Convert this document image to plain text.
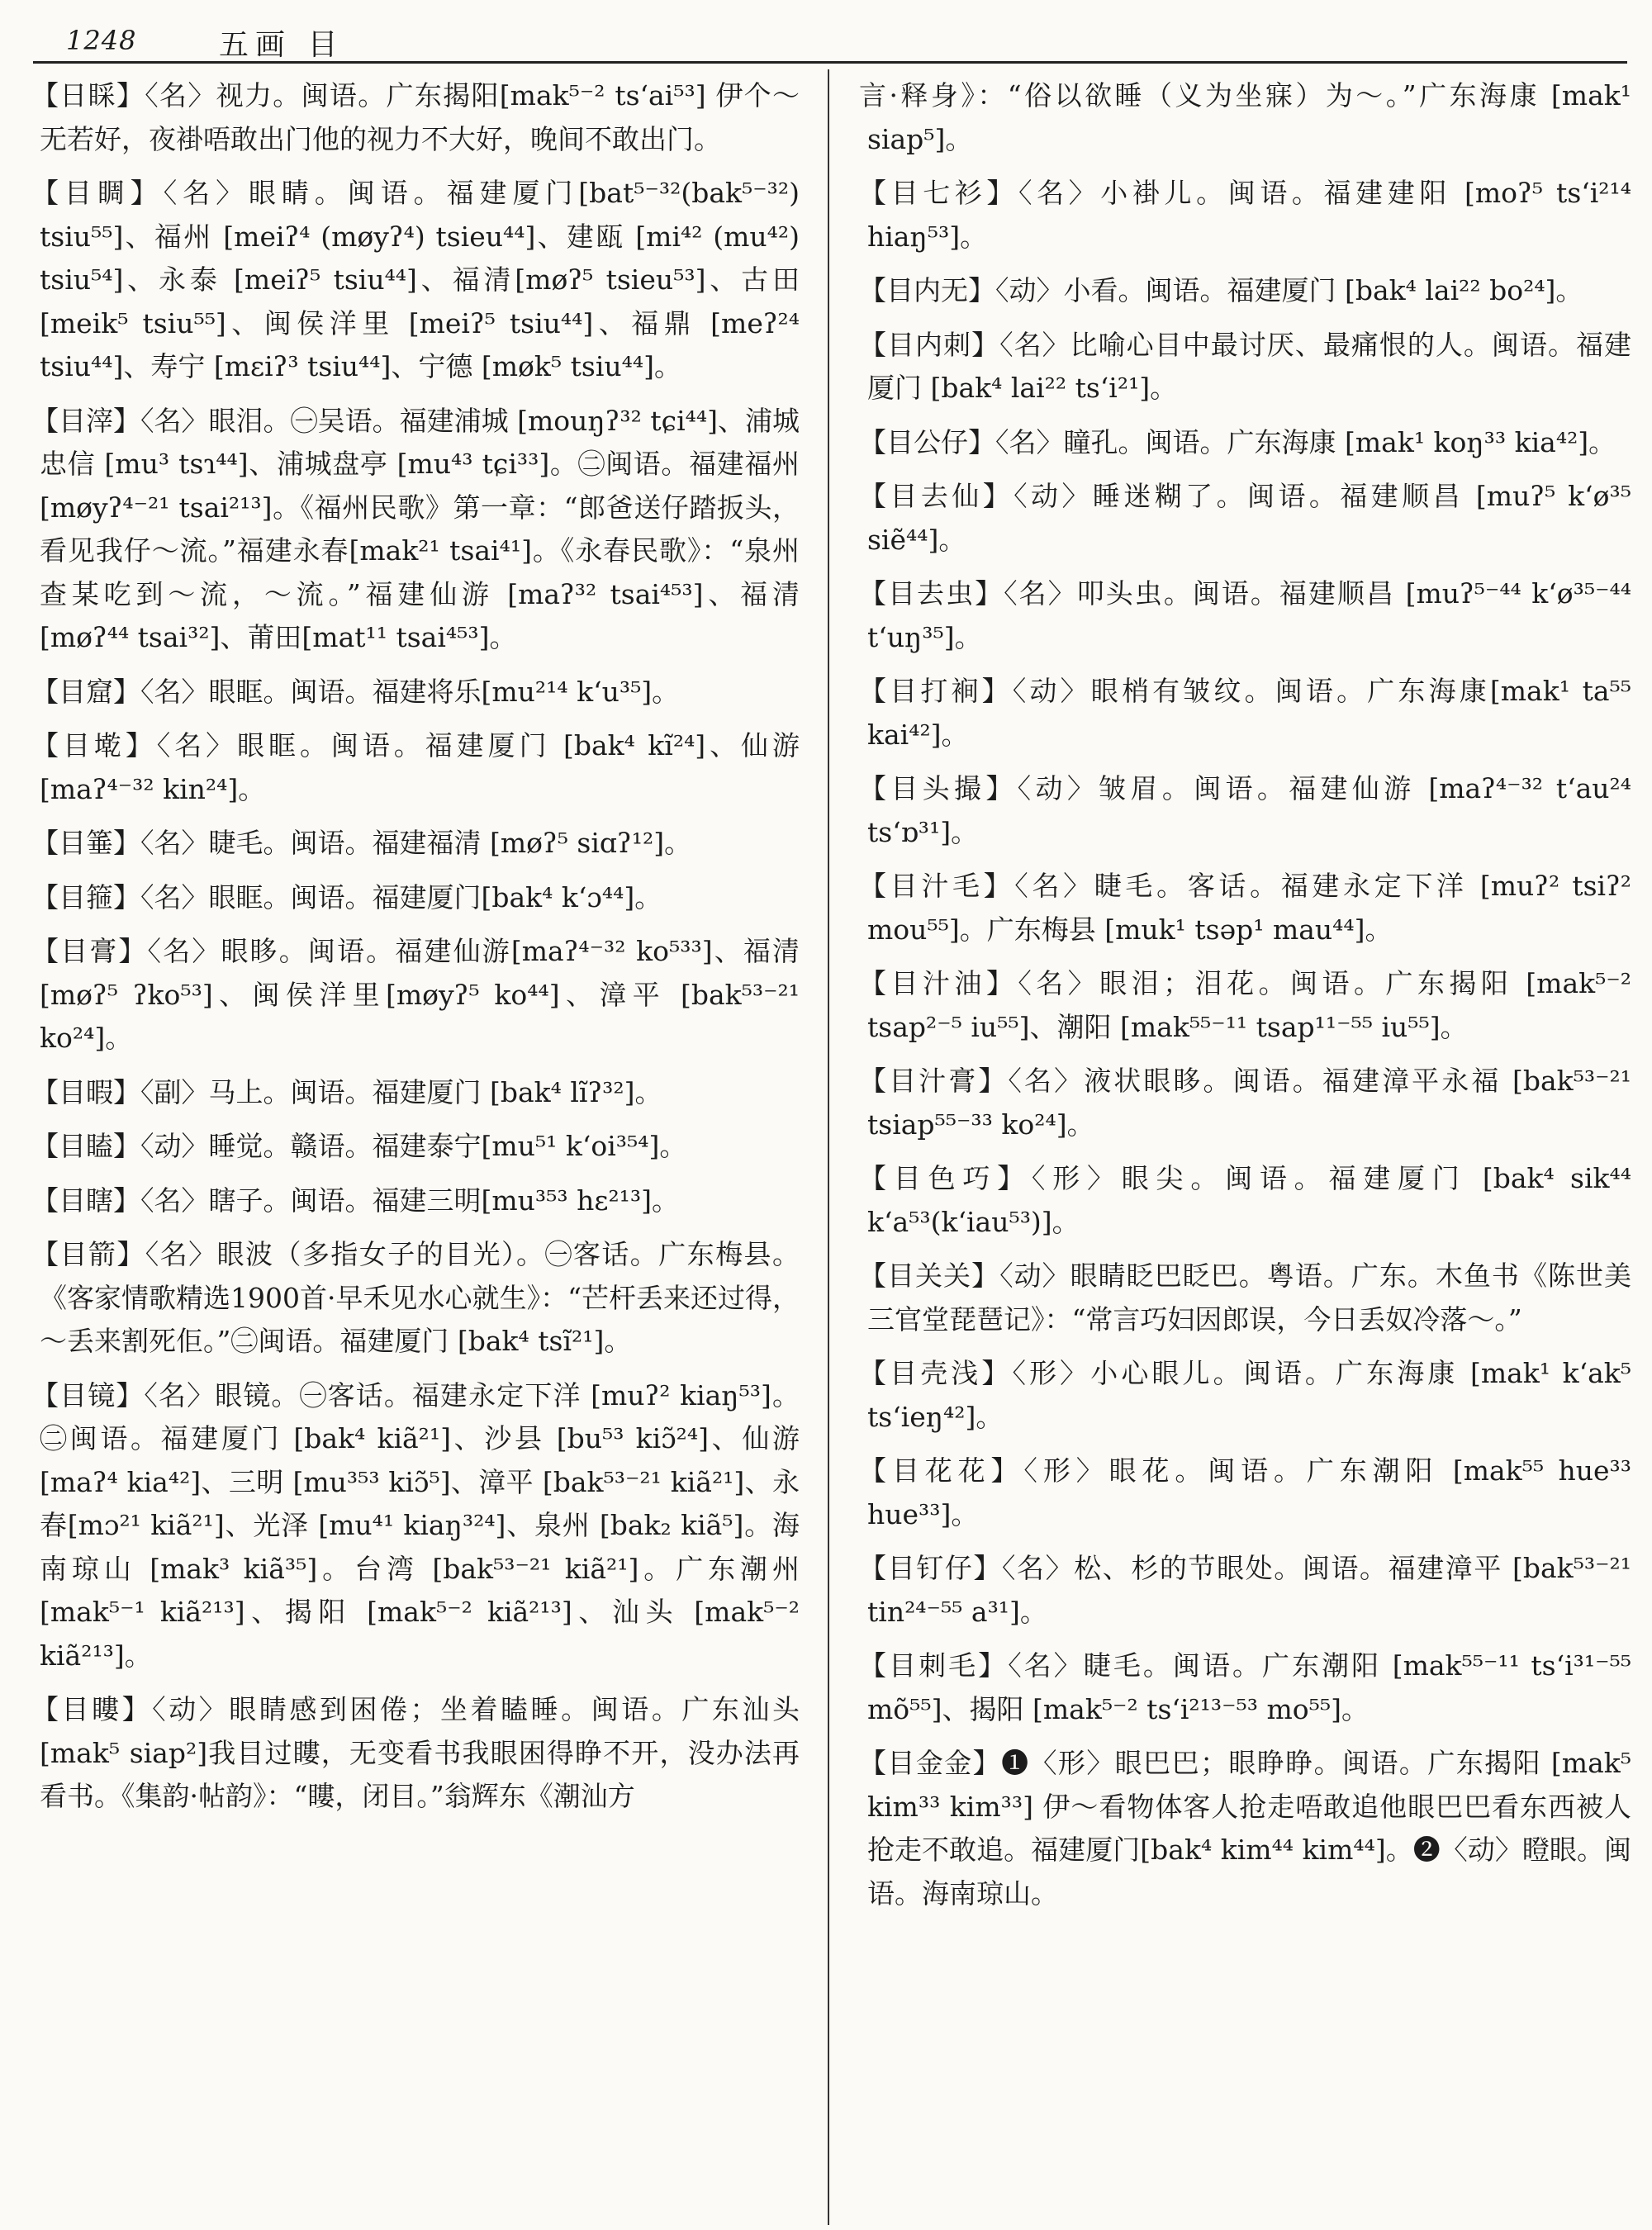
1248	五画 目

【日睬】〈名〉视力。闽语。广东揭阳[mak⁵⁻² ts‘ai⁵³] 伊个～无若好，夜褂唔敢出门他的视力不大好，晚间不敢出门。

【目睭】〈名〉眼睛。闽语。福建厦门[bat⁵⁻³²(bak⁵⁻³²) tsiu⁵⁵]、福州 [meiʔ⁴ (møyʔ⁴) tsieu⁴⁴]、建瓯 [mi⁴² (mu⁴²) tsiu⁵⁴]、永泰 [meiʔ⁵ tsiu⁴⁴]、福清[møʔ⁵ tsieu⁵³]、古田 [meik⁵ tsiu⁵⁵]、闽侯洋里 [meiʔ⁵ tsiu⁴⁴]、福鼎 [meʔ²⁴ tsiu⁴⁴]、寿宁 [mɛiʔ³ tsiu⁴⁴]、宁德 [møk⁵ tsiu⁴⁴]。

【目滓】〈名〉眼泪。㊀吴语。福建浦城 [mouŋʔ³² tɕi⁴⁴]、浦城忠信 [mu³ tsɿ⁴⁴]、浦城盘亭 [mu⁴³ tɕi³³]。㊁闽语。福建福州[møyʔ⁴⁻²¹ tsai²¹³]。《福州民歌》第一章：“郎爸送仔踏扳头，看见我仔～流。”福建永春[mak²¹ tsai⁴¹]。《永春民歌》：“泉州查某吃到～流，～流。”福建仙游 [maʔ³² tsai⁴⁵³]、福清 [møʔ⁴⁴ tsai³²]、莆田[mat¹¹ tsai⁴⁵³]。

【目窟】〈名〉眼眶。闽语。福建将乐[mu²¹⁴ k‘u³⁵]。

【目墘】〈名〉眼眶。闽语。福建厦门 [bak⁴ kĩ²⁴]、仙游 [maʔ⁴⁻³² kin²⁴]。

【目箠】〈名〉睫毛。闽语。福建福清 [møʔ⁵ siɑʔ¹²]。

【目箍】〈名〉眼眶。闽语。福建厦门[bak⁴ k‘ɔ⁴⁴]。

【目膏】〈名〉眼眵。闽语。福建仙游[maʔ⁴⁻³² ko⁵³³]、福清 [møʔ⁵ ʔko⁵³]、闽侯洋里[møyʔ⁵ ko⁴⁴]、漳平 [bak⁵³⁻²¹ ko²⁴]。

【目暇】〈副〉马上。闽语。福建厦门 [bak⁴ lĩʔ³²]。

【目瞌】〈动〉睡觉。赣语。福建泰宁[mu⁵¹ k‘oi³⁵⁴]。

【目瞎】〈名〉瞎子。闽语。福建三明[mu³⁵³ hɛ²¹³]。

【目箭】〈名〉眼波（多指女子的目光）。㊀客话。广东梅县。《客家情歌精选1900首·早禾见水心就生》：“芒杆丢来还过得，～丢来割死佢。”㊁闽语。福建厦门 [bak⁴ tsĩ²¹]。

【目镜】〈名〉眼镜。㊀客话。福建永定下洋 [muʔ² kiaŋ⁵³]。㊁闽语。福建厦门 [bak⁴ kiã²¹]、沙县 [bu⁵³ kiɔ̃²⁴]、仙游 [maʔ⁴ kia⁴²]、三明 [mu³⁵³ kiɔ̃⁵]、漳平 [bak⁵³⁻²¹ kiã²¹]、永春[mɔ²¹ kiã²¹]、光泽 [mu⁴¹ kiaŋ³²⁴]、泉州 [bak₂ kiã⁵]。海南琼山 [mak³ kiã³⁵]。台湾 [bak⁵³⁻²¹ kiã²¹]。广东潮州 [mak⁵⁻¹ kiã²¹³]、揭阳 [mak⁵⁻² kiã²¹³]、汕头 [mak⁵⁻² kiã²¹³]。

【目瞜】〈动〉眼睛感到困倦；坐着瞌睡。闽语。广东汕头[mak⁵ siap²]我目过瞜，无变看书我眼困得睁不开，没办法再看书。《集韵·帖韵》：“瞜，闭目。”翁辉东《潮汕方

言·释身》：“俗以欲睡（义为坐寐）为～。”广东海康 [mak¹ siap⁵]。

【目七衫】〈名〉小褂儿。闽语。福建建阳 [moʔ⁵ ts‘i²¹⁴ hiaŋ⁵³]。

【目内无】〈动〉小看。闽语。福建厦门 [bak⁴ lai²² bo²⁴]。

【目内刺】〈名〉比喻心目中最讨厌、最痛恨的人。闽语。福建厦门 [bak⁴ lai²² ts‘i²¹]。

【目公仔】〈名〉瞳孔。闽语。广东海康 [mak¹ koŋ³³ kia⁴²]。

【目去仙】〈动〉睡迷糊了。闽语。福建顺昌 [muʔ⁵ k‘ø³⁵ siẽ⁴⁴]。

【目去虫】〈名〉叩头虫。闽语。福建顺昌 [muʔ⁵⁻⁴⁴ k‘ø³⁵⁻⁴⁴ t‘uŋ³⁵]。

【目打裥】〈动〉眼梢有皱纹。闽语。广东海康[mak¹ ta⁵⁵ kai⁴²]。

【目头撮】〈动〉皱眉。闽语。福建仙游 [maʔ⁴⁻³² t‘au²⁴ ts‘ɒ³¹]。

【目汁毛】〈名〉睫毛。客话。福建永定下洋 [muʔ² tsiʔ² mou⁵⁵]。广东梅县 [muk¹ tsəp¹ mau⁴⁴]。

【目汁油】〈名〉眼泪；泪花。闽语。广东揭阳 [mak⁵⁻² tsap²⁻⁵ iu⁵⁵]、潮阳 [mak⁵⁵⁻¹¹ tsap¹¹⁻⁵⁵ iu⁵⁵]。

【目汁膏】〈名〉液状眼眵。闽语。福建漳平永福 [bak⁵³⁻²¹ tsiap⁵⁵⁻³³ ko²⁴]。

【目色巧】〈形〉眼尖。闽语。福建厦门 [bak⁴ sik⁴⁴ k‘a⁵³(k‘iau⁵³)]。

【目关关】〈动〉眼睛眨巴眨巴。粤语。广东。木鱼书《陈世美三官堂琵琶记》：“常言巧妇因郎误，今日丢奴冷落～。”

【目壳浅】〈形〉小心眼儿。闽语。广东海康 [mak¹ k‘ak⁵ ts‘ieŋ⁴²]。

【目花花】〈形〉眼花。闽语。广东潮阳 [mak⁵⁵ hue³³ hue³³]。

【目钉仔】〈名〉松、杉的节眼处。闽语。福建漳平 [bak⁵³⁻²¹ tin²⁴⁻⁵⁵ a³¹]。

【目刺毛】〈名〉睫毛。闽语。广东潮阳 [mak⁵⁵⁻¹¹ ts‘i³¹⁻⁵⁵ mõ⁵⁵]、揭阳 [mak⁵⁻² ts‘i²¹³⁻⁵³ mo⁵⁵]。

【目金金】❶〈形〉眼巴巴；眼睁睁。闽语。广东揭阳 [mak⁵ kim³³ kim³³] 伊～看物体客人抢走唔敢追他眼巴巴看东西被人抢走不敢追。福建厦门[bak⁴ kim⁴⁴ kim⁴⁴]。❷〈动〉瞪眼。闽语。海南琼山。
